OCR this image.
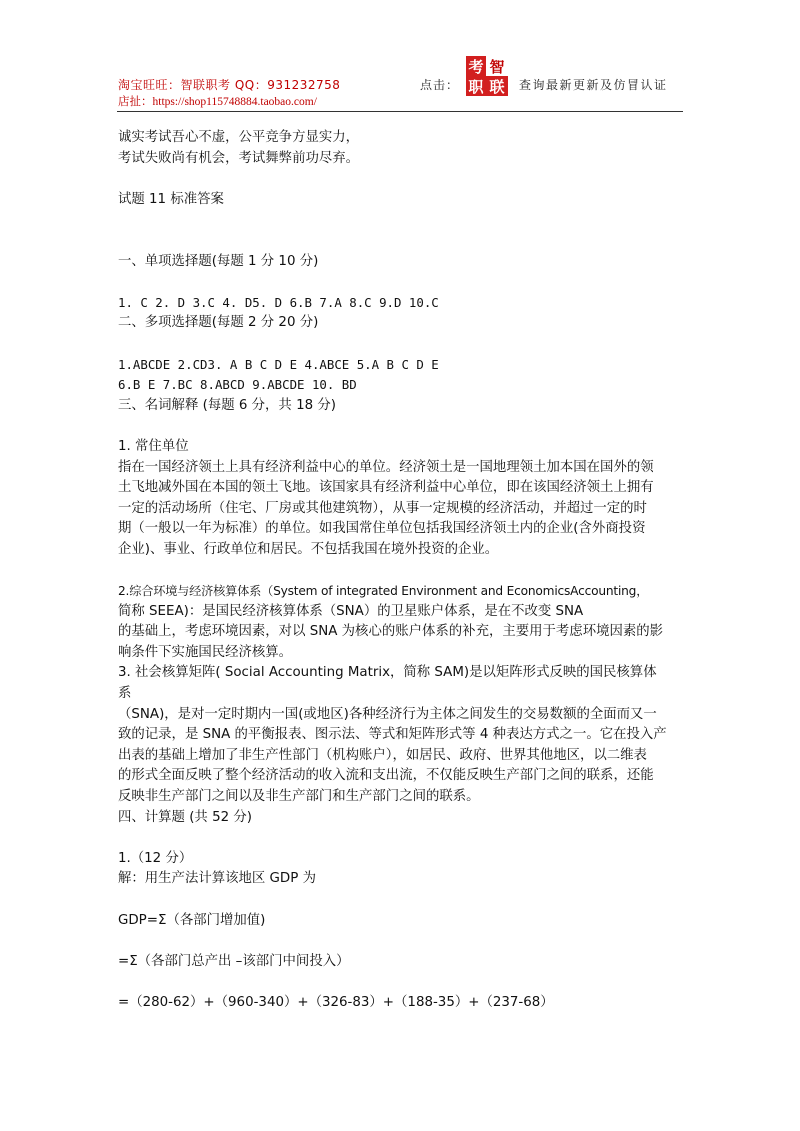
淘宝旺旺：智联职考 QQ：931232758
店扯：https://shop115748884.taobao.com/
点击：
考 智
职 联 查询最新更新及仿冒认证
诚实考试吾心不虚，公平竞争方显实力，
考试失败尚有机会，考试舞弊前功尽弃。
试题 11 标准答案
一、单项选择题(每题 1 分 10 分)
1. C 2. D 3.C 4. D5. D 6.B 7.A 8.C 9.D 10.C
二、多项选择题(每题 2 分 20 分)
1.ABCDE 2.CD3. A B C D E 4.ABCE 5.A B C D E
6.B E 7.BC 8.ABCD 9.ABCDE 10. BD
三、名词解释 (每题 6 分，共 18 分)
1. 常住单位
指在一国经济领土上具有经济利益中心的单位。经济领土是一国地理领土加本国在国外的领
土飞地减外国在本国的领土飞地。该国家具有经济利益中心单位，即在该国经济领土上拥有
一定的活动场所（住宅、厂房或其他建筑物），从事一定规模的经济活动，并超过一定的时
期（一般以一年为标准）的单位。如我国常住单位包括我国经济领土内的企业(含外商投资
企业)、事业、行政单位和居民。不包括我国在境外投资的企业。
2.综合环境与经济核算体系（System of integrated Environment and EconomicsAccounting，
简称 SEEA)：是国民经济核算体系（SNA）的卫星账户体系，是在不改变 SNA
的基础上，考虑环境因素，对以 SNA 为核心的账户体系的补充，主要用于考虑环境因素的影
响条件下实施国民经济核算。
3. 社会核算矩阵( Social Accounting Matrix，简称 SAM)是以矩阵形式反映的国民核算体
系
（SNA)，是对一定时期内一国(或地区)各种经济行为主体之间发生的交易数额的全面而又一
致的记录，是 SNA 的平衡报表、图示法、等式和矩阵形式等 4 种表达方式之一。它在投入产
出表的基础上增加了非生产性部门（机构账户），如居民、政府、世界其他地区，以二维表
的形式全面反映了整个经济活动的收入流和支出流，不仅能反映生产部门之间的联系，还能
反映非生产部门之间以及非生产部门和生产部门之间的联系。
四、计算题 (共 52 分)
1.（12 分）
解：用生产法计算该地区 GDP 为
GDP=Σ（各部门增加值)
=Σ（各部门总产出 –该部门中间投入）
=（280-62）+（960-340）+（326-83）+（188-35）+（237-68）
